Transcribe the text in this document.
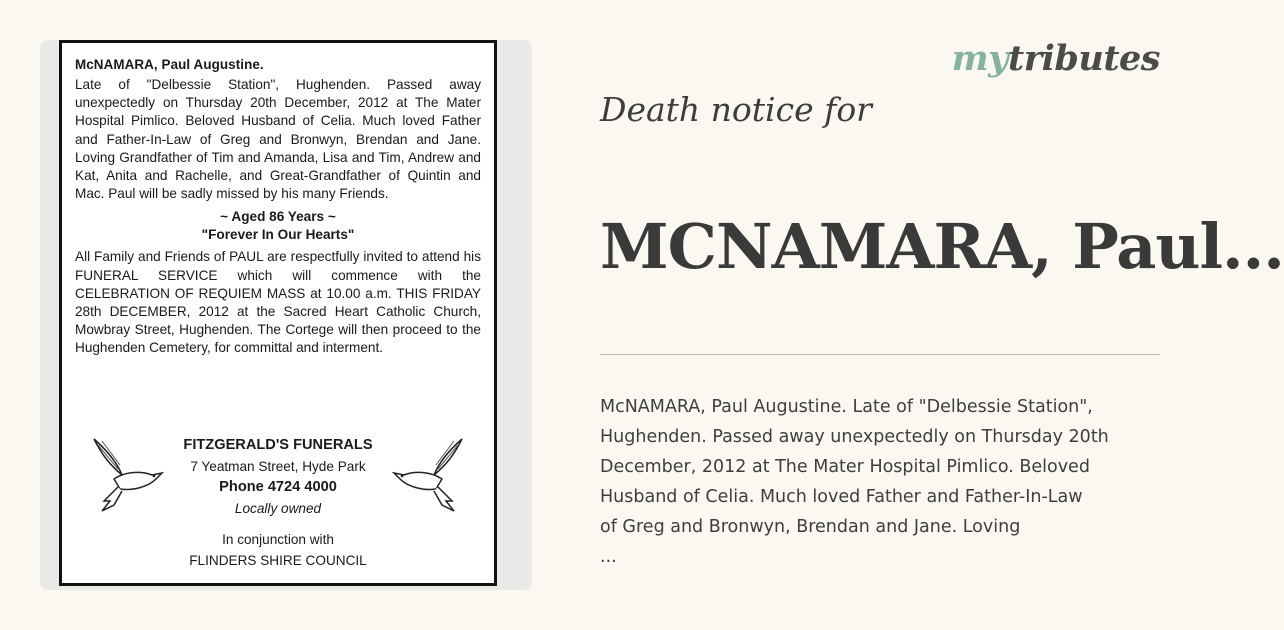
McNAMARA, Paul Augustine.

Late of "Delbessie Station", Hughenden. Passed away unexpectedly on Thursday 20th December, 2012 at The Mater Hospital Pimlico. Beloved Husband of Celia. Much loved Father and Father-In-Law of Greg and Bronwyn, Brendan and Jane. Loving Grandfather of Tim and Amanda, Lisa and Tim, Andrew and Kat, Anita and Rachelle, and Great-Grandfather of Quintin and Mac. Paul will be sadly missed by his many Friends.

~ Aged 86 Years ~
"Forever In Our Hearts"

All Family and Friends of PAUL are respectfully invited to attend his FUNERAL SERVICE which will commence with the CELEBRATION OF REQUIEM MASS at 10.00 a.m. THIS FRIDAY 28th DECEMBER, 2012 at the Sacred Heart Catholic Church, Mowbray Street, Hughenden. The Cortege will then proceed to the Hughenden Cemetery, for committal and interment.

FITZGERALD'S FUNERALS
7 Yeatman Street, Hyde Park
Phone 4724 4000
Locally owned
In conjunction with
FLINDERS SHIRE COUNCIL
mytributes
Death notice for
MCNAMARA, Paul...
McNAMARA, Paul Augustine. Late of "Delbessie Station",
Hughenden. Passed away unexpectedly on Thursday 20th
December, 2012 at The Mater Hospital Pimlico. Beloved
Husband of Celia. Much loved Father and Father-In-Law
of Greg and Bronwyn, Brendan and Jane. Loving
...
